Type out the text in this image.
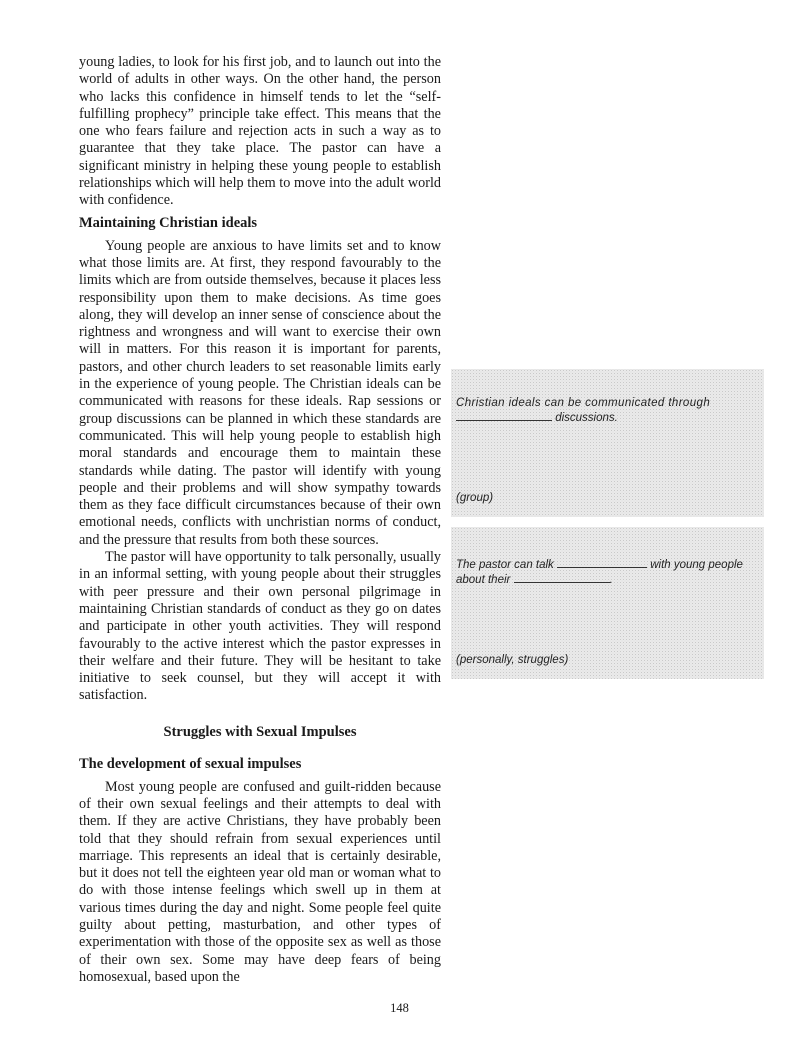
young ladies, to look for his first job, and to launch out into the world of adults in other ways. On the other hand, the person who lacks this confidence in himself tends to let the “self-fulfilling prophecy” principle take effect. This means that the one who fears failure and rejection acts in such a way as to guarantee that they take place. The pastor can have a significant ministry in helping these young people to establish relationships which will help them to move into the adult world with confidence.

Maintaining Christian ideals

Young people are anxious to have limits set and to know what those limits are. At first, they respond favourably to the limits which are from outside themselves, because it places less responsibility upon them to make decisions. As time goes along, they will develop an inner sense of conscience about the rightness and wrongness and will want to exercise their own will in matters. For this reason it is important for parents, pastors, and other church leaders to set reasonable limits early in the experience of young people. The Christian ideals can be communicated with reasons for these ideals. Rap sessions or group discussions can be planned in which these standards are communicated. This will help young people to establish high moral standards and encourage them to maintain these standards while dating. The pastor will identify with young people and their problems and will show sympathy towards them as they face difficult circumstances because of their own emotional needs, conflicts with unchristian norms of conduct, and the pressure that results from both these sources.

The pastor will have opportunity to talk personally, usually in an informal setting, with young people about their struggles with peer pressure and their own personal pilgrimage in maintaining Christian standards of conduct as they go on dates and participate in other youth activities. They will respond favourably to the active interest which the pastor expresses in their welfare and their future. They will be hesitant to take initiative to seek counsel, but they will accept it with satisfaction.

Struggles with Sexual Impulses
The development of sexual impulses

Most young people are confused and guilt-ridden because of their own sexual feelings and their attempts to deal with them. If they are active Christians, they have probably been told that they should refrain from sexual experiences until marriage. This represents an ideal that is certainly desirable, but it does not tell the eighteen year old man or woman what to do with those intense feelings which swell up in them at various times during the day and night. Some people feel quite guilty about petting, masturbation, and other types of experimentation with those of the opposite sex as well as those of their own sex. Some may have deep fears of being homosexual, based upon the

Christian ideals can be communicated through
discussions.
(group)
The pastor can talk	with young people
about their	.
(personally, struggles)
148
